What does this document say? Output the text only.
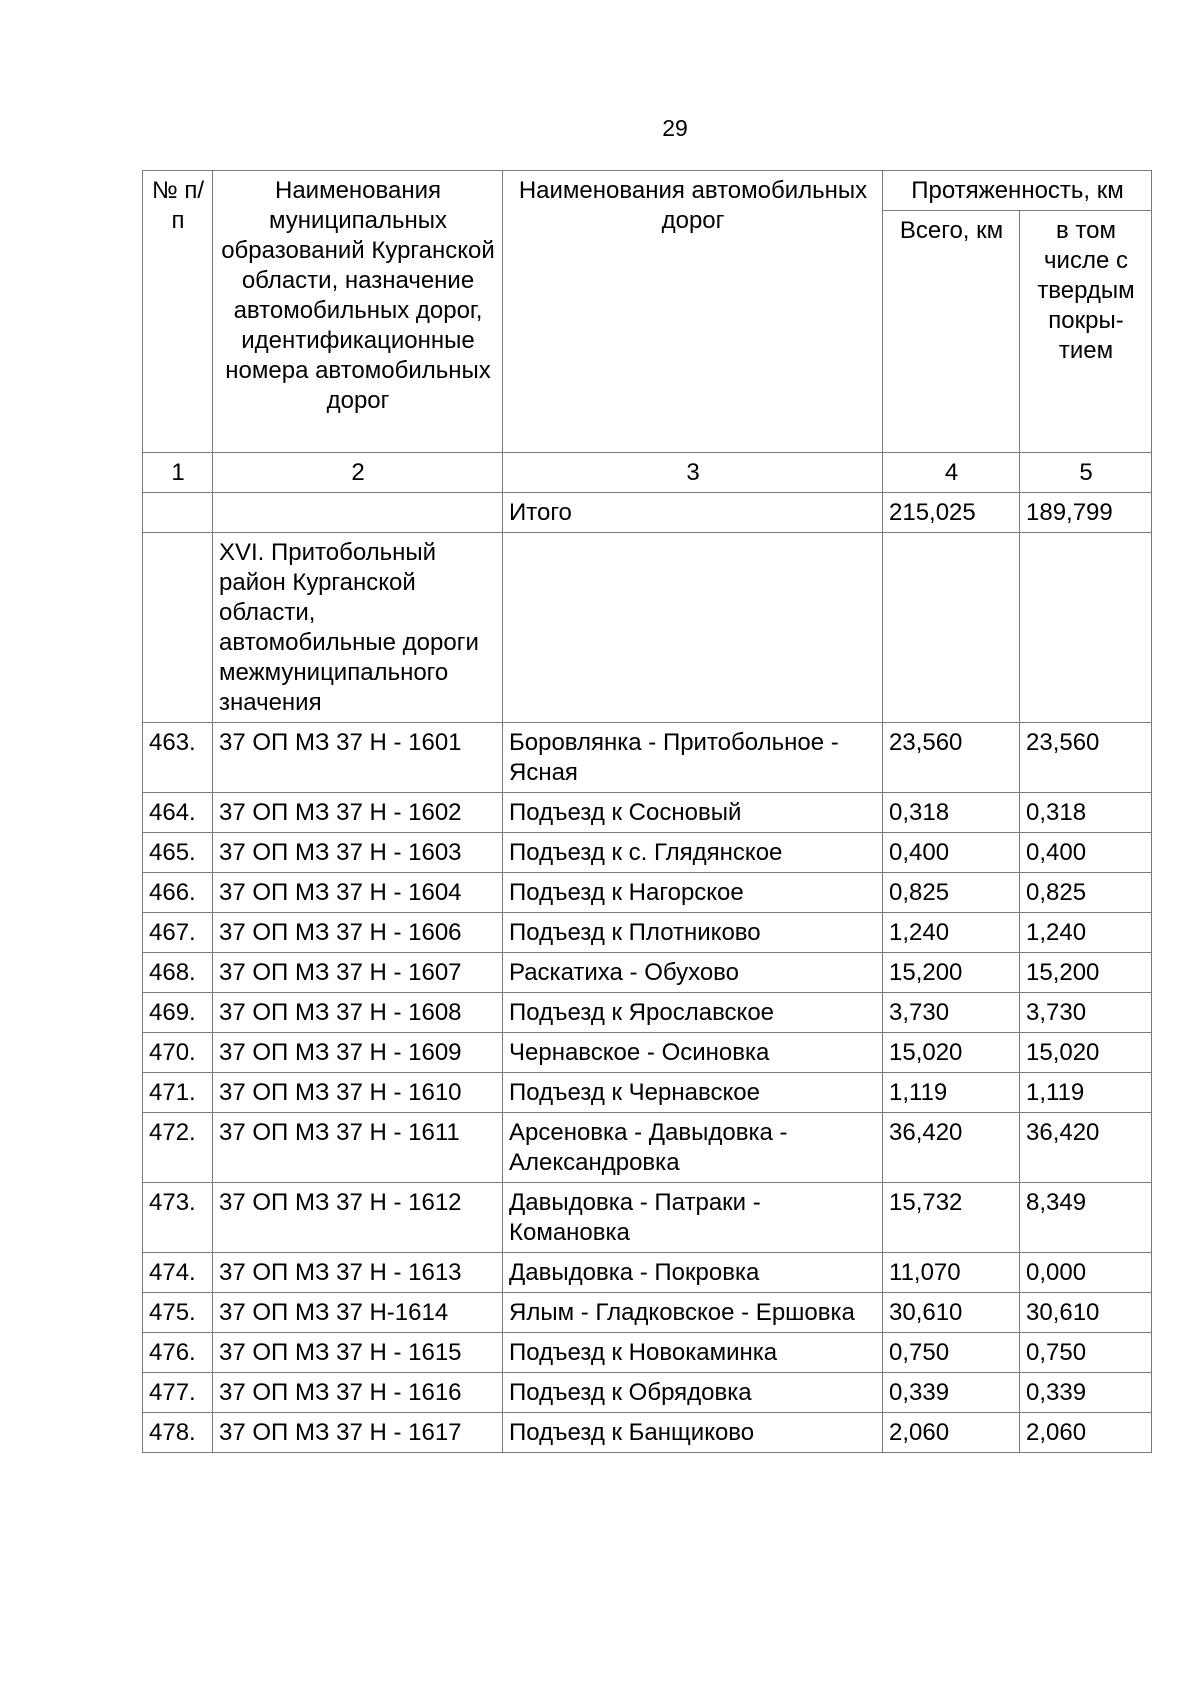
29
№ п/п	Наименования муниципальных образований Курганской области, назначение автомобильных дорог, идентификационные номера автомобильных дорог	Наименования автомобильных дорог	Протяженность, км	
			Всего, км	в том числе с твердым покры-тием
1	2	3	4	5
		Итого	215,025	189,799
	XVI. Притобольный район Курганской области, автомобильные дороги межмуниципального значения			
463.	37 ОП МЗ 37 Н - 1601	Боровлянка - Притобольное - Ясная	23,560	23,560
464.	37 ОП МЗ 37 Н - 1602	Подъезд к Сосновый	0,318	0,318
465.	37 ОП МЗ 37 Н - 1603	Подъезд к с. Глядянское	0,400	0,400
466.	37 ОП МЗ 37 Н - 1604	Подъезд к Нагорское	0,825	0,825
467.	37 ОП МЗ 37 Н - 1606	Подъезд к Плотниково	1,240	1,240
468.	37 ОП МЗ 37 Н - 1607	Раскатиха - Обухово	15,200	15,200
469.	37 ОП МЗ 37 Н - 1608	Подъезд к Ярославское	3,730	3,730
470.	37 ОП МЗ 37 Н - 1609	Чернавское - Осиновка	15,020	15,020
471.	37 ОП МЗ 37 Н - 1610	Подъезд к Чернавское	1,119	1,119
472.	37 ОП МЗ 37 Н - 1611	Арсеновка - Давыдовка - Александровка	36,420	36,420
473.	37 ОП МЗ 37 Н - 1612	Давыдовка - Патраки - Комановка	15,732	8,349
474.	37 ОП МЗ 37 Н - 1613	Давыдовка - Покровка	11,070	0,000
475.	37 ОП МЗ 37 Н-1614	Ялым - Гладковское - Ершовка	30,610	30,610
476.	37 ОП МЗ 37 Н - 1615	Подъезд к Новокаминка	0,750	0,750
477.	37 ОП МЗ 37 Н - 1616	Подъезд к Обрядовка	0,339	0,339
478.	37 ОП МЗ 37 Н - 1617	Подъезд к Банщиково	2,060	2,060
